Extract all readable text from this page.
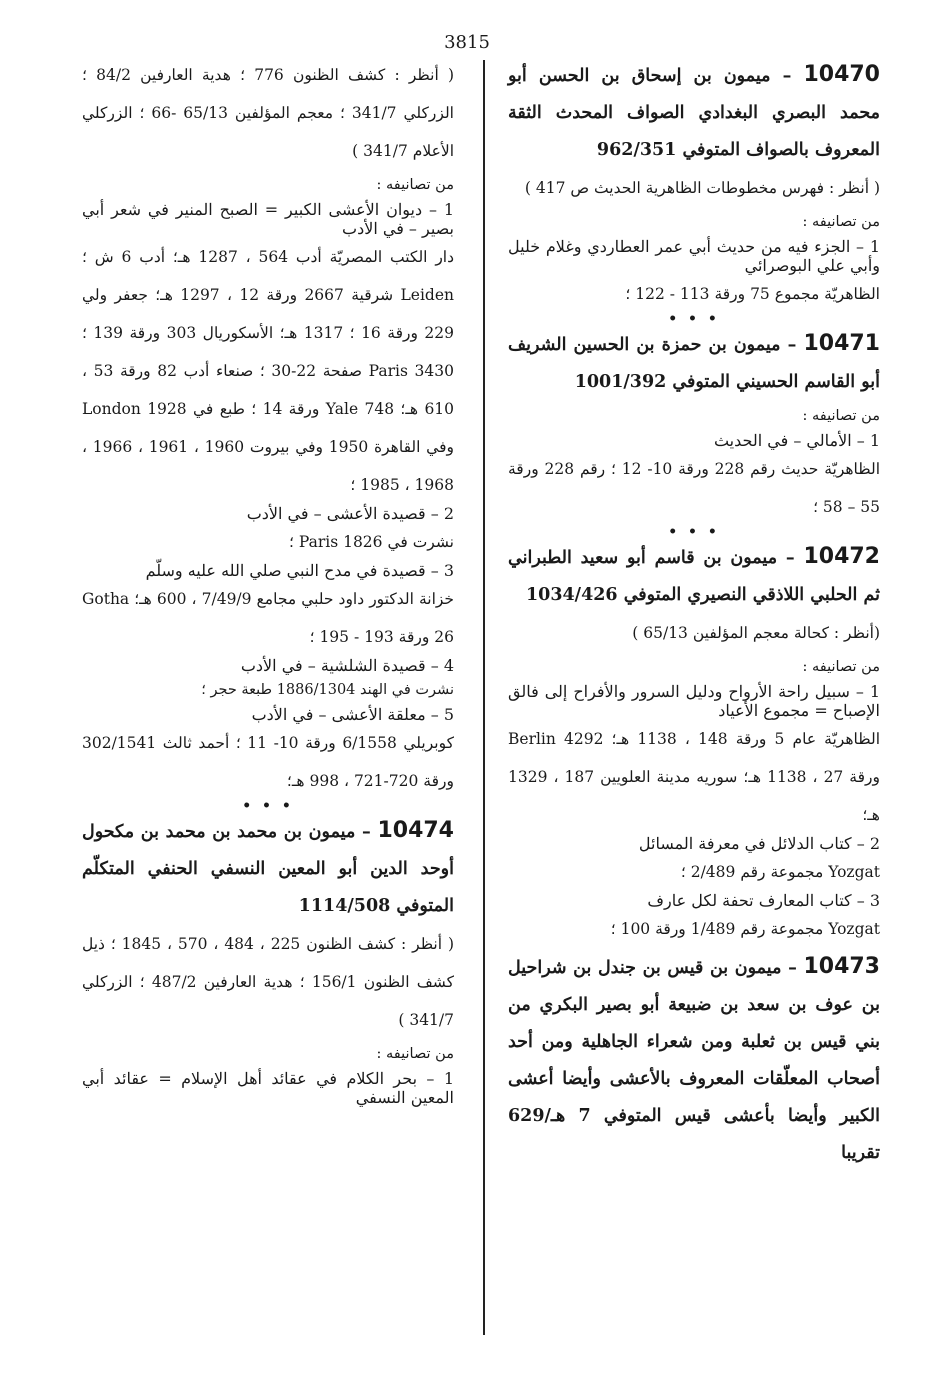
3815

10470 – ميمون بن إسحاق بن الحسن أبو محمد البصري البغدادي الصواف المحدث الثقة المعروف بالصواف المتوفي 962/351

( أنظر : فهرس مخطوطات الظاهرية الحديث ص 417 )

من تصانيفه :

1 – الجزء فيه من حديث أبي عمر العطاردي وغلام خليل وأبي علي البوصرائي

الظاهريّة مجموع 75 ورقة 113 - 122 ؛

• • •

10471 – ميمون بن حمزة بن الحسين الشريف أبو القاسم الحسيني المتوفي 1001/392

من تصانيفه :

1 – الأمالي – في الحديث

الظاهريّة حديث رقم 228 ورقة 10- 12 ؛ رقم 228 ورقة 55 – 58 ؛

• • •

10472 – ميمون بن قاسم أبو سعيد الطبراني ثم الحلبي اللاذقي النصيري المتوفي 1034/426

(أنظر : كحالة معجم المؤلفين 65/13 )

من تصانيفه :

1 – سبيل راحة الأرواح ودليل السرور والأفراح إلى فالق الإصباح = مجموع الأعياد

الظاهريّة عام 5 ورقة 148 ، 1138 هـ؛ Berlin 4292 ورقة 27 ، 1138 هـ؛ سوريه مدينة العلويين 187 ، 1329 هـ؛

2 – كتاب الدلائل في معرفة المسائل

Yozgat مجموعة رقم 2/489 ؛

3 – كتاب المعارف تحفة لكل عارف

Yozgat مجموعة رقم 1/489 ورقة 100 ؛

10473 – ميمون بن قيس بن جندل بن شراحيل بن عوف بن سعد بن ضبيعة أبو بصير البكري من بني قيس بن ثعلبة ومن شعراء الجاهلية ومن أحد أصحاب المعلّقات المعروف بالأعشى وأيضا أعشى الكبير وأيضا بأعشى قيس المتوفي 7 هـ/629 تقريبا

( أنظر : كشف الظنون 776 ؛ هدية العارفين 84/2 ؛ الزركلي 341/7 ؛ معجم المؤلفين 65/13 -66 ؛ الزركلي الأعلام 341/7 )

من تصانيفه :

1 – ديوان الأعشى الكبير = الصبح المنير في شعر أبي بصير – في الأدب

دار الكتب المصريّة أدب 564 ، 1287 هـ؛ أدب 6 ش ؛ Leiden شرقية 2667 ورقة 12 ، 1297 هـ؛ جعفر ولي 229 ورقة 16 ؛ 1317 هـ؛ الأسكوريال 303 ورقة 139 ؛ Paris 3430 صفحة 22-30 ؛ صنعاء أدب 82 ورقة 53 ، 610 هـ؛ Yale 748 ورقة 14 ؛ طبع في London 1928 وفي القاهرة 1950 وفي بيروت 1960 ، 1961 ، 1966 ، 1968 ، 1985 ؛

2 – قصيدة الأعشى – في الأدب

نشرت في Paris 1826 ؛

3 – قصيدة في مدح النبي صلي الله عليه وسلّم

خزانة الدكتور داود حلبي مجامع 7/49/9 ، 600 هـ؛ Gotha 26 ورقة 193 - 195 ؛

4 – قصيدة الشلشية – في الأدب

نشرت في الهند 1886/1304 طبعة حجر ؛

5 – معلقة الأعشى – في الأدب

كوبريلي 6/1558 ورقة 10- 11 ؛ أحمد ثالث 302/1541 ورقة 720-721 ، 998 هـ؛

• • •

10474 – ميمون بن محمد بن محمد بن مكحول أوحد الدين أبو المعين النسفي الحنفي المتكلّم المتوفي 1114/508

( أنظر : كشف الظنون 225 ، 484 ، 570 ، 1845 ؛ ذيل كشف الظنون 156/1 ؛ هدية العارفين 487/2 ؛ الزركلي 341/7 )

من تصانيفه :

1 – بحر الكلام في عقائد أهل الإسلام = عقائد أبي المعين النسفي
